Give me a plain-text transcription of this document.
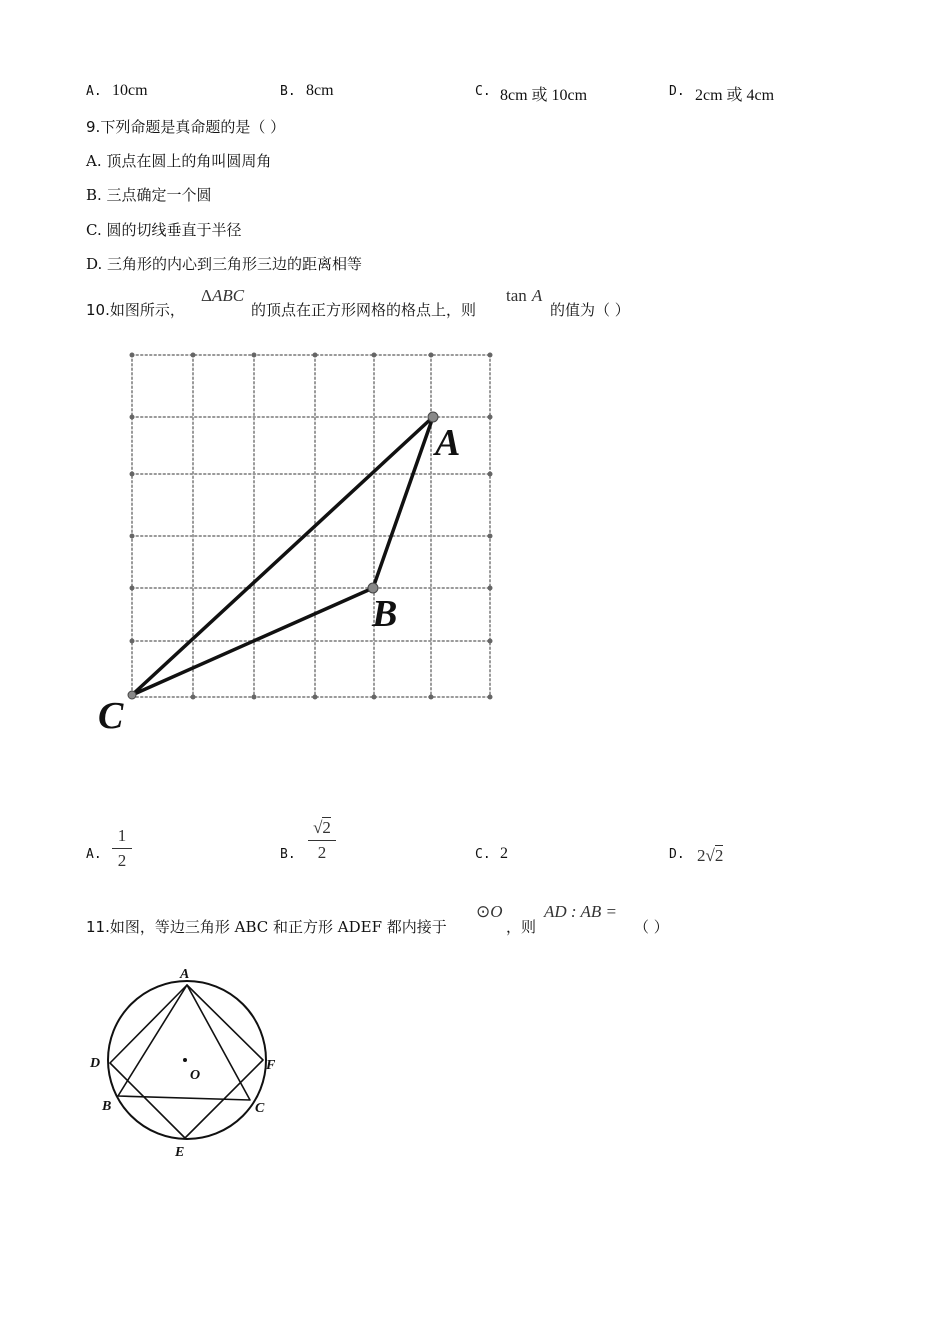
A. 10cm	B. 8cm	C. 8cm 或 10cm	D. 2cm 或 4cm
9.下列命题是真命题的是（ ）
A. 顶点在圆上的角叫圆周角
B. 三点确定一个圆
C. 圆的切线垂直于半径
D. 三角形的内心到三角形三边的距离相等
10.如图所示，
ΔABC
的顶点在正方形网格的格点上，则
tan A
的值为（ ）
A
B
C
A.
1
2	B.
√2
2	C. 2	D. 2√2
11.如图，等边三角形 ABC 和正方形 ADEF 都内接于
⊙O
，则
AD : AB =
（ ）
A
B	C
D
E
F
O
